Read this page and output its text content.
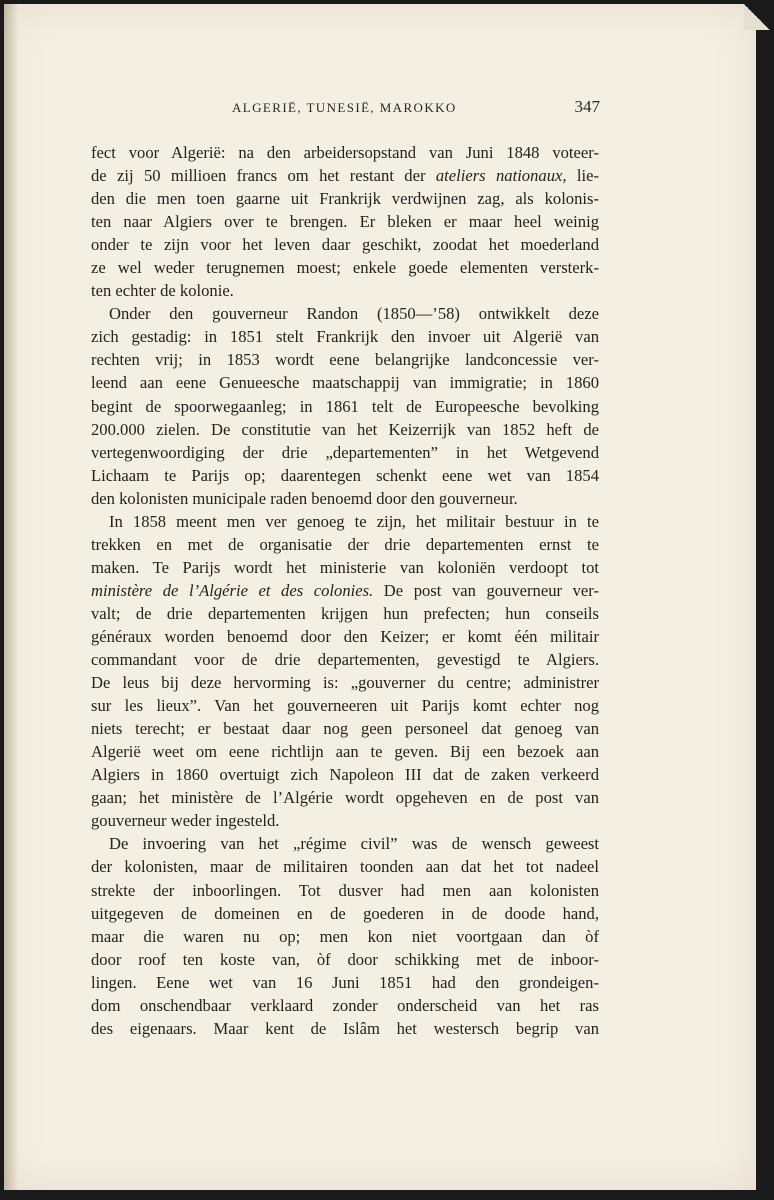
ALGERIË, TUNESIË, MAROKKO	347
fect voor Algerië: na den arbeidersopstand van Juni 1848 voteer-
de zij 50 millioen francs om het restant der ateliers nationaux, lie-
den die men toen gaarne uit Frankrijk verdwijnen zag, als kolonis-
ten naar Algiers over te brengen. Er bleken er maar heel weinig
onder te zijn voor het leven daar geschikt, zoodat het moederland
ze wel weder terugnemen moest; enkele goede elementen versterk-
ten echter de kolonie.
Onder den gouverneur Randon (1850—’58) ontwikkelt deze
zich gestadig: in 1851 stelt Frankrijk den invoer uit Algerië van
rechten vrij; in 1853 wordt eene belangrijke landconcessie ver-
leend aan eene Genueesche maatschappij van immigratie; in 1860
begint de spoorwegaanleg; in 1861 telt de Europeesche bevolking
200.000 zielen. De constitutie van het Keizerrijk van 1852 heft de
vertegenwoordiging der drie „departementen” in het Wetgevend
Lichaam te Parijs op; daarentegen schenkt eene wet van 1854
den kolonisten municipale raden benoemd door den gouverneur.
In 1858 meent men ver genoeg te zijn, het militair bestuur in te
trekken en met de organisatie der drie departementen ernst te
maken. Te Parijs wordt het ministerie van koloniën verdoopt tot
ministère de l’Algérie et des colonies. De post van gouverneur ver-
valt; de drie departementen krijgen hun prefecten; hun conseils
généraux worden benoemd door den Keizer; er komt één militair
commandant voor de drie departementen, gevestigd te Algiers.
De leus bij deze hervorming is: „gouverner du centre; administrer
sur les lieux”. Van het gouverneeren uit Parijs komt echter nog
niets terecht; er bestaat daar nog geen personeel dat genoeg van
Algerië weet om eene richtlijn aan te geven. Bij een bezoek aan
Algiers in 1860 overtuigt zich Napoleon III dat de zaken verkeerd
gaan; het ministère de l’Algérie wordt opgeheven en de post van
gouverneur weder ingesteld.
De invoering van het „régime civil” was de wensch geweest
der kolonisten, maar de militairen toonden aan dat het tot nadeel
strekte der inboorlingen. Tot dusver had men aan kolonisten
uitgegeven de domeinen en de goederen in de doode hand,
maar die waren nu op; men kon niet voortgaan dan òf
door roof ten koste van, òf door schikking met de inboor-
lingen. Eene wet van 16 Juni 1851 had den grondeigen-
dom onschendbaar verklaard zonder onderscheid van het ras
des eigenaars. Maar kent de Islâm het westersch begrip van
